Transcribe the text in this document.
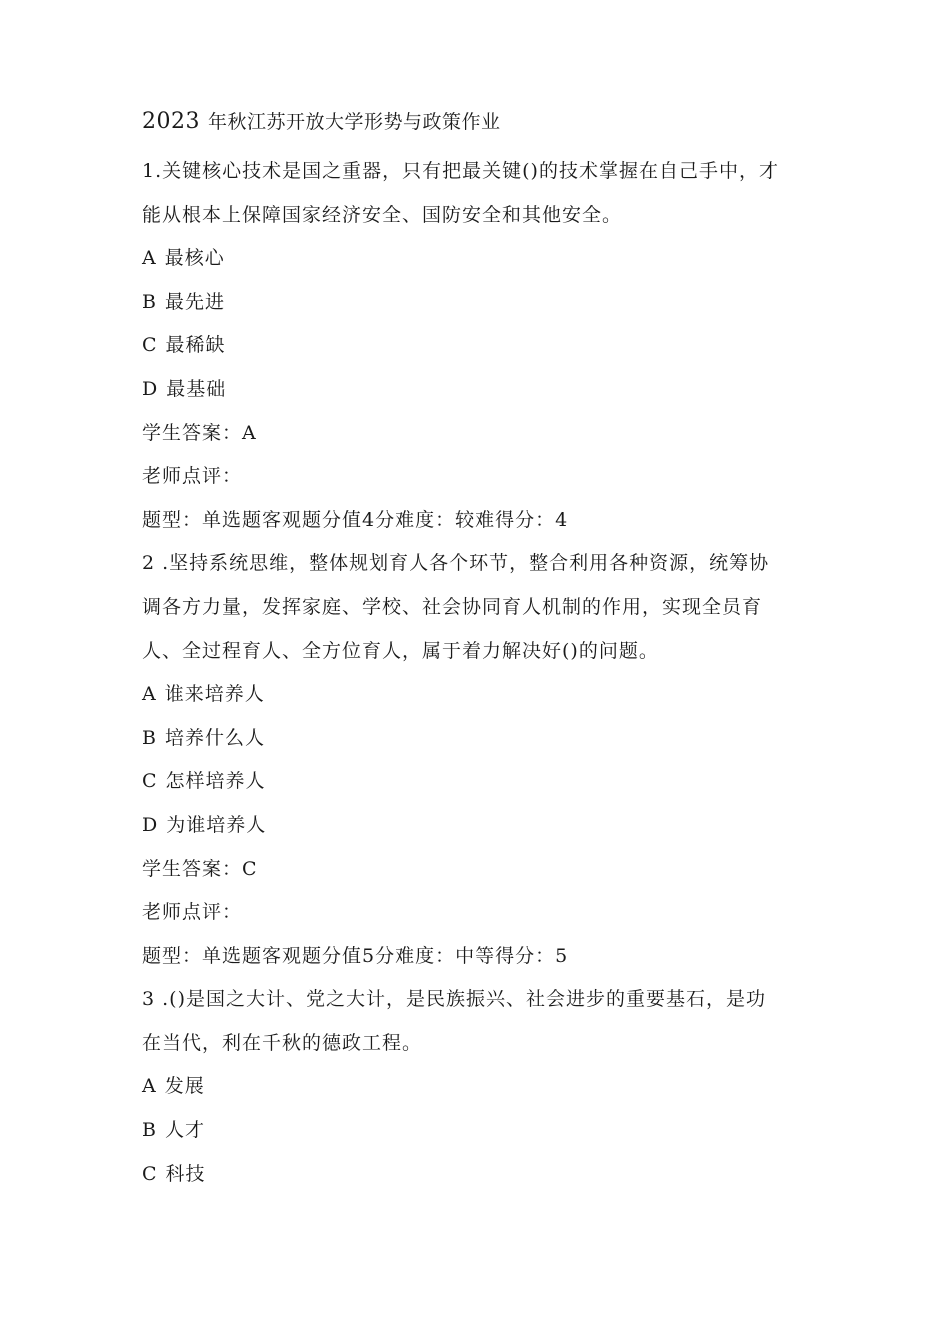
2023 年秋江苏开放大学形势与政策作业
1.关键核心技术是国之重器，只有把最关键()的技术掌握在自己手中，才
能从根本上保障国家经济安全、国防安全和其他安全。
A 最核心
B 最先进
C 最稀缺
D 最基础
学生答案：A
老师点评：
题型：单选题客观题分值4分难度：较难得分：4
2 .坚持系统思维，整体规划育人各个环节，整合利用各种资源，统筹协
调各方力量，发挥家庭、学校、社会协同育人机制的作用，实现全员育
人、全过程育人、全方位育人，属于着力解决好()的问题。
A 谁来培养人
B 培养什么人
C 怎样培养人
D 为谁培养人
学生答案：C
老师点评：
题型：单选题客观题分值5分难度：中等得分：5
3 .()是国之大计、党之大计，是民族振兴、社会进步的重要基石，是功
在当代，利在千秋的德政工程。
A 发展
B 人才
C 科技
